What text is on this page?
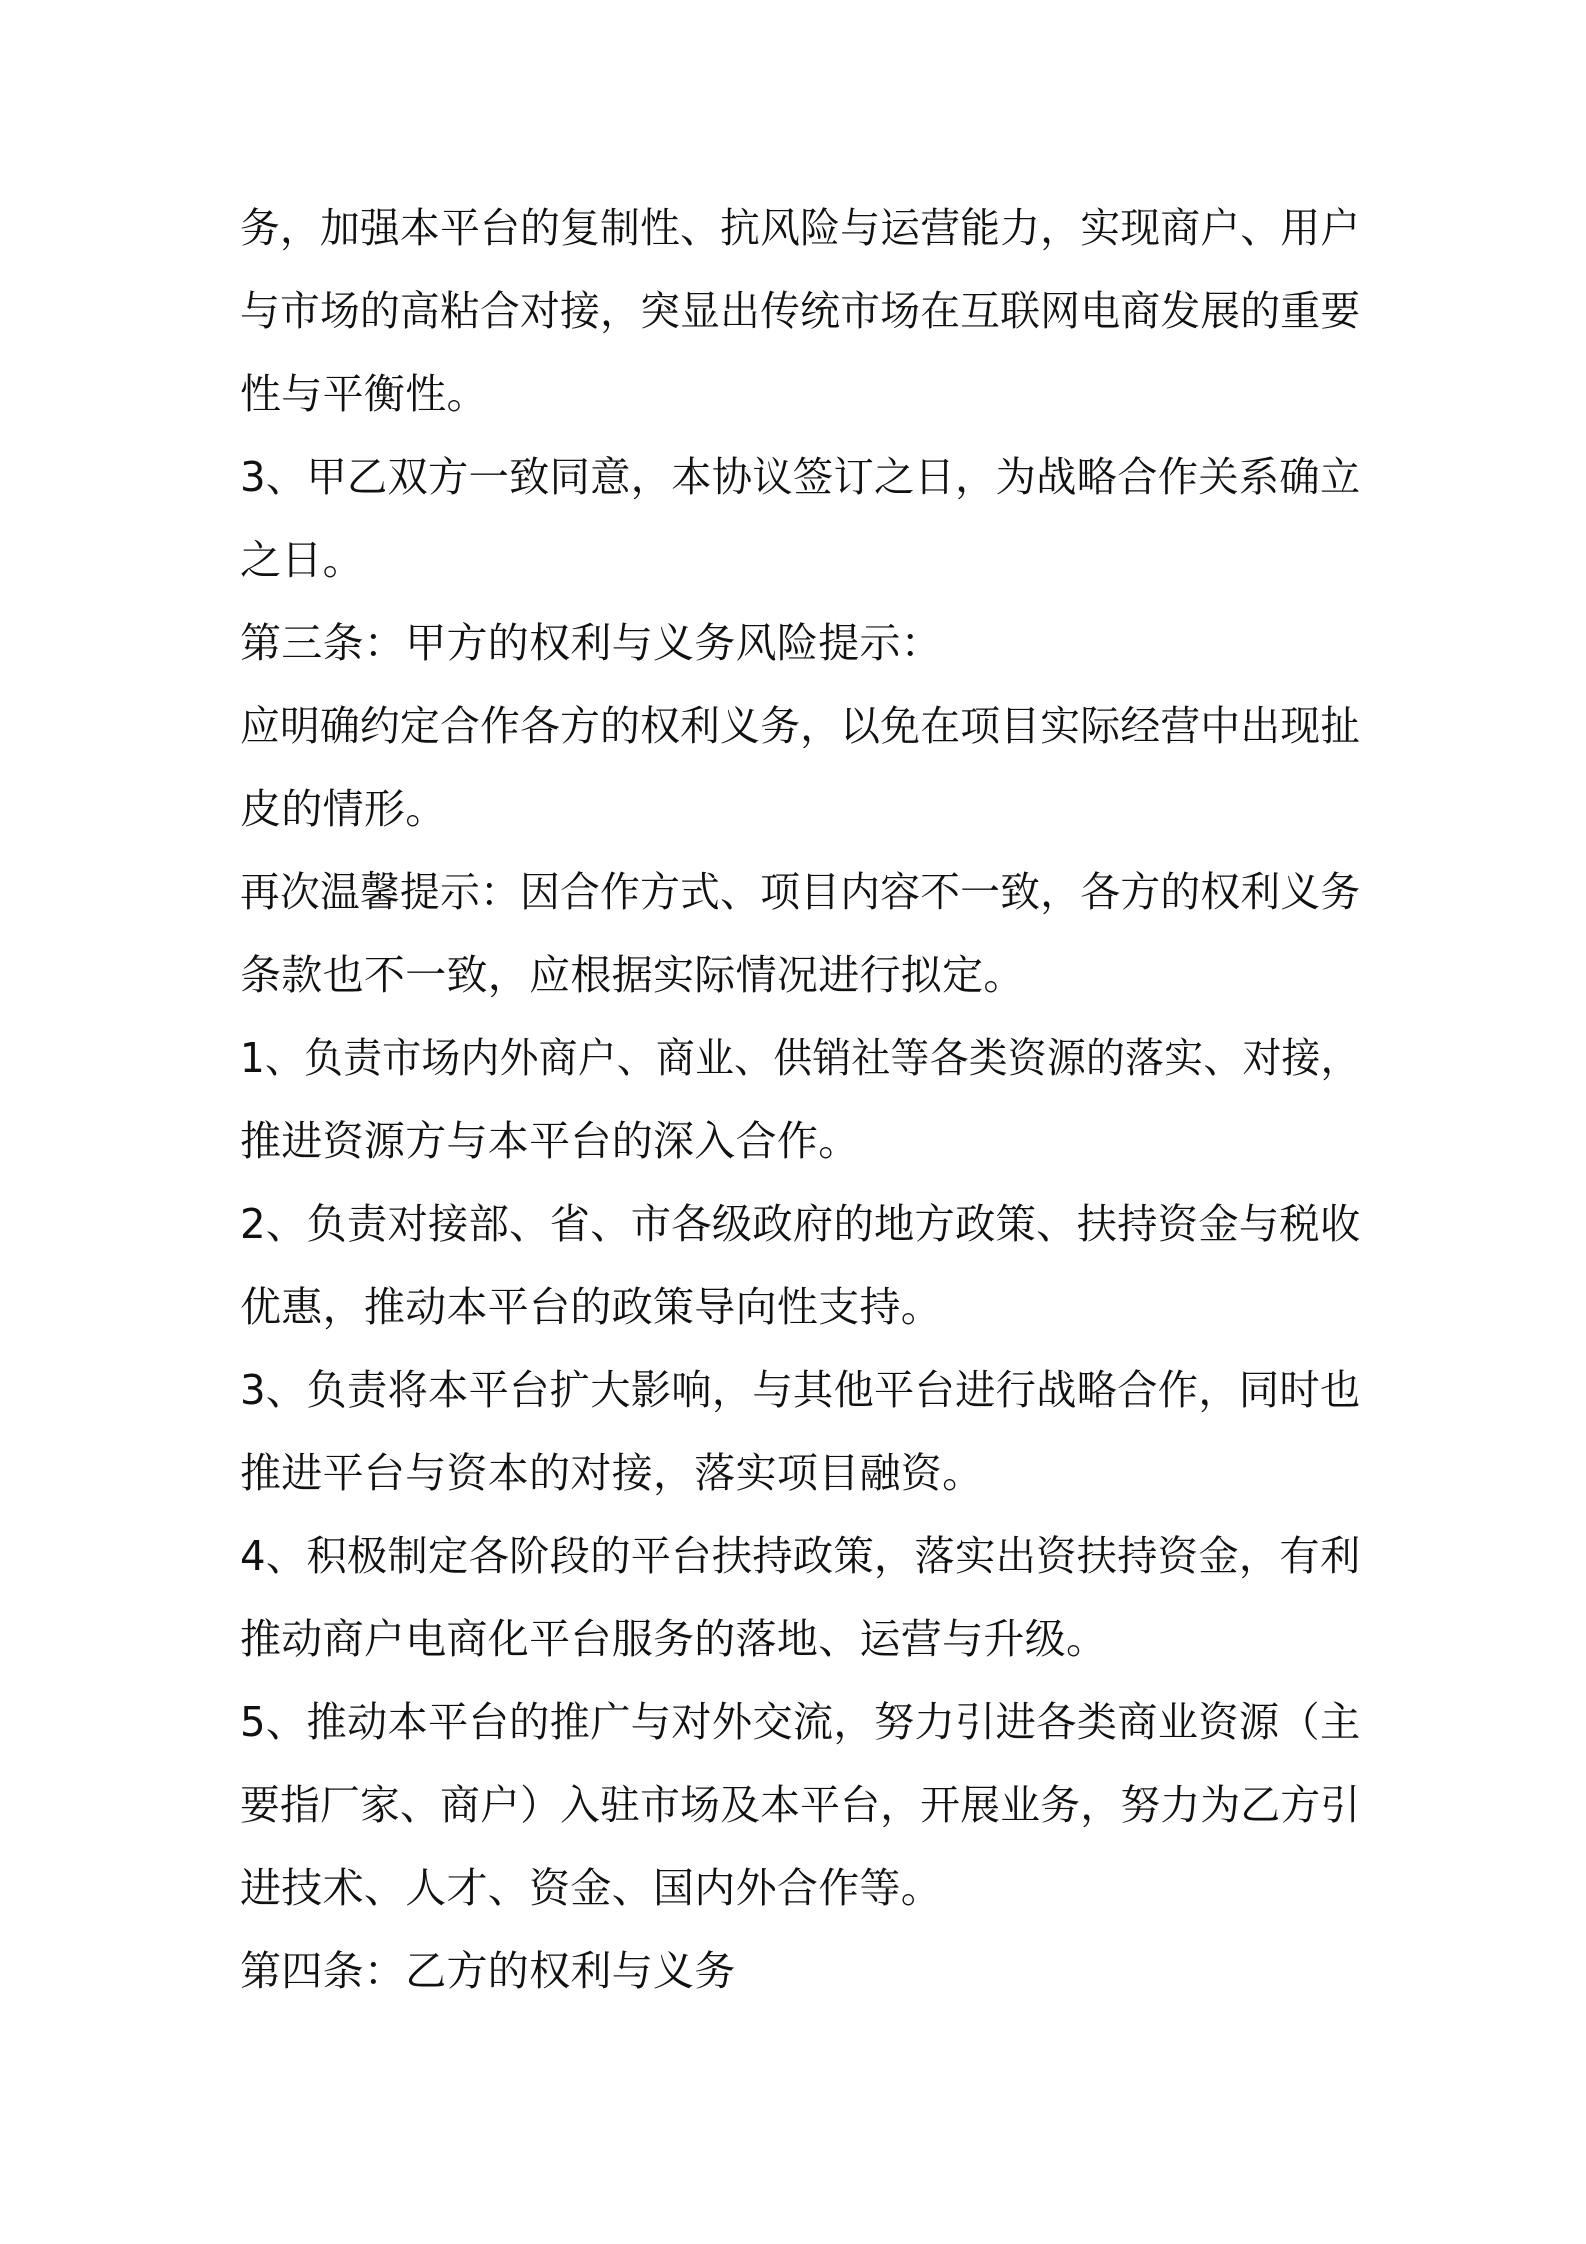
务，加强本平台的复制性、抗风险与运营能力，实现商户、用户
与市场的高粘合对接，突显出传统市场在互联网电商发展的重要
性与平衡性。
3、甲乙双方一致同意，本协议签订之日，为战略合作关系确立
之日。
第三条：甲方的权利与义务风险提示：
应明确约定合作各方的权利义务，以免在项目实际经营中出现扯
皮的情形。
再次温馨提示：因合作方式、项目内容不一致，各方的权利义务
条款也不一致，应根据实际情况进行拟定。
1、负责市场内外商户、商业、供销社等各类资源的落实、对接，
推进资源方与本平台的深入合作。
2、负责对接部、省、市各级政府的地方政策、扶持资金与税收
优惠，推动本平台的政策导向性支持。
3、负责将本平台扩大影响，与其他平台进行战略合作，同时也
推进平台与资本的对接，落实项目融资。
4、积极制定各阶段的平台扶持政策，落实出资扶持资金，有利
推动商户电商化平台服务的落地、运营与升级。
5、推动本平台的推广与对外交流，努力引进各类商业资源（主
要指厂家、商户）入驻市场及本平台，开展业务，努力为乙方引
进技术、人才、资金、国内外合作等。
第四条：乙方的权利与义务
